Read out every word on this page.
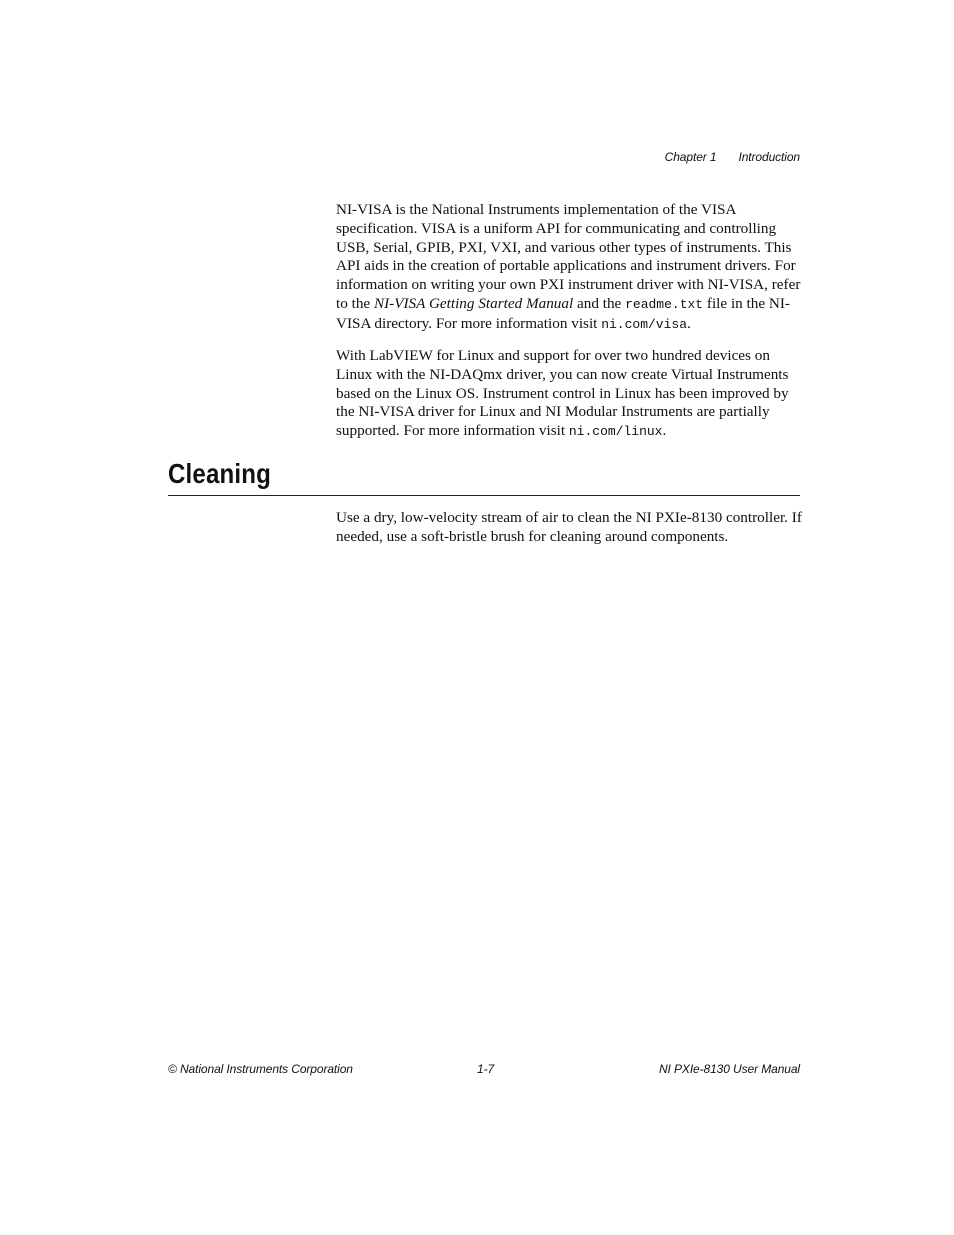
Chapter 1 Introduction

NI-VISA is the National Instruments implementation of the VISA specification. VISA is a uniform API for communicating and controlling USB, Serial, GPIB, PXI, VXI, and various other types of instruments. This API aids in the creation of portable applications and instrument drivers. For information on writing your own PXI instrument driver with NI-VISA, refer to the NI-VISA Getting Started Manual and the readme.txt file in the NI-VISA directory. For more information visit ni.com/visa.

With LabVIEW for Linux and support for over two hundred devices on Linux with the NI-DAQmx driver, you can now create Virtual Instruments based on the Linux OS. Instrument control in Linux has been improved by the NI-VISA driver for Linux and NI Modular Instruments are partially supported. For more information visit ni.com/linux.

Cleaning

Use a dry, low-velocity stream of air to clean the NI PXIe-8130 controller. If needed, use a soft-bristle brush for cleaning around components.

© National Instruments Corporation	1-7	NI PXIe-8130 User Manual
